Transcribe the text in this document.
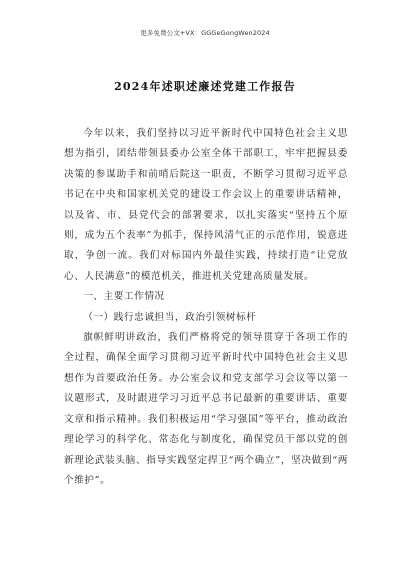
更多免费公文+VX：GGGeGongWen2024
2024年述职述廉述党建工作报告

今年以来，我们坚持以习近平新时代中国特色社会主义思想为指引，团结带领县委办公室全体干部职工，牢牢把握县委决策的参谋助手和前哨后院这一职责，不断学习贯彻习近平总书记在中央和国家机关党的建设工作会议上的重要讲话精神，以及省、市、县党代会的部署要求，以扎实落实“坚持五个原则，成为五个表率”为抓手，保持风清气正的示范作用，锐意进取，争创一流。我们对标国内外最佳实践，持续打造“让党放心、人民满意”的模范机关，推进机关党建高质量发展。

一、主要工作情况

（一）践行忠诚担当，政治引领树标杆

旗帜鲜明讲政治，我们严格将党的领导贯穿于各项工作的全过程，确保全面学习贯彻习近平新时代中国特色社会主义思想作为首要政治任务。办公室会议和党支部学习会议等以第一议题形式，及时跟进学习习近平总书记最新的重要讲话、重要文章和指示精神。我们积极运用“学习强国”等平台，推动政治理论学习的科学化、常态化与制度化，确保党员干部以党的创新理论武装头脑、指导实践坚定捍卫“两个确立”，坚决做到“两个维护”。
